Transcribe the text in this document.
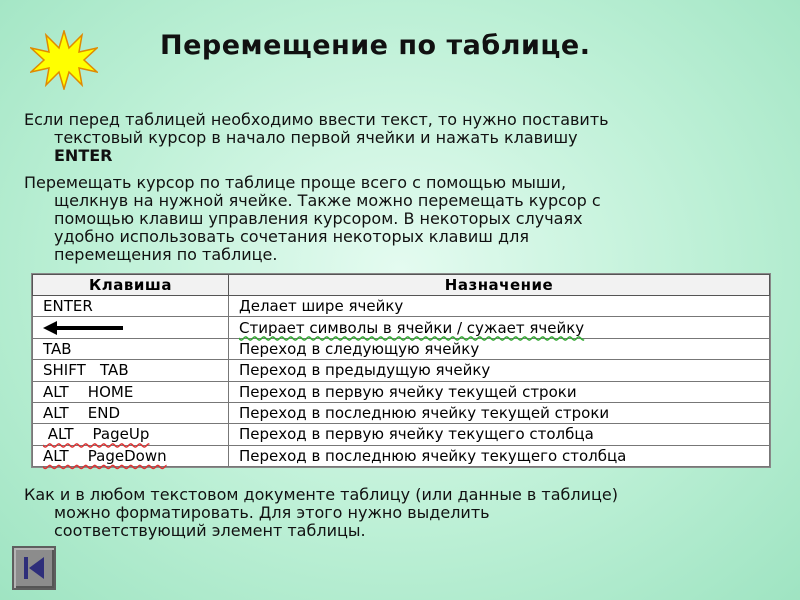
Перемещение по таблице.
Если перед таблицей необходимо ввести текст, то нужно поставить
текстовый курсор в начало первой ячейки и нажать клавишу
ENTER
Перемещать курсор по таблице проще всего с помощью мыши,
щелкнув на нужной ячейке. Также можно перемещать курсор с
помощью клавиш управления курсором. В некоторых случаях
удобно использовать сочетания некоторых клавиш для
перемещения по таблице.
Клавиша	Назначение
ENTER	Делает шире ячейку
	Стирает символы в ячейки / сужает ячейку
TAB	Переход в следующую ячейку
SHIFT   TAB	Переход в предыдущую ячейку
ALT    HOME	Переход в первую ячейку текущей строки
ALT    END	Переход в последнюю ячейку текущей строки
ALT    PageUp	Переход в первую ячейку текущего столбца
ALT    PageDown	Переход в последнюю ячейку текущего столбца
Как и в любом текстовом документе таблицу (или данные в таблице)
можно форматировать. Для этого нужно выделить
соответствующий элемент таблицы.
